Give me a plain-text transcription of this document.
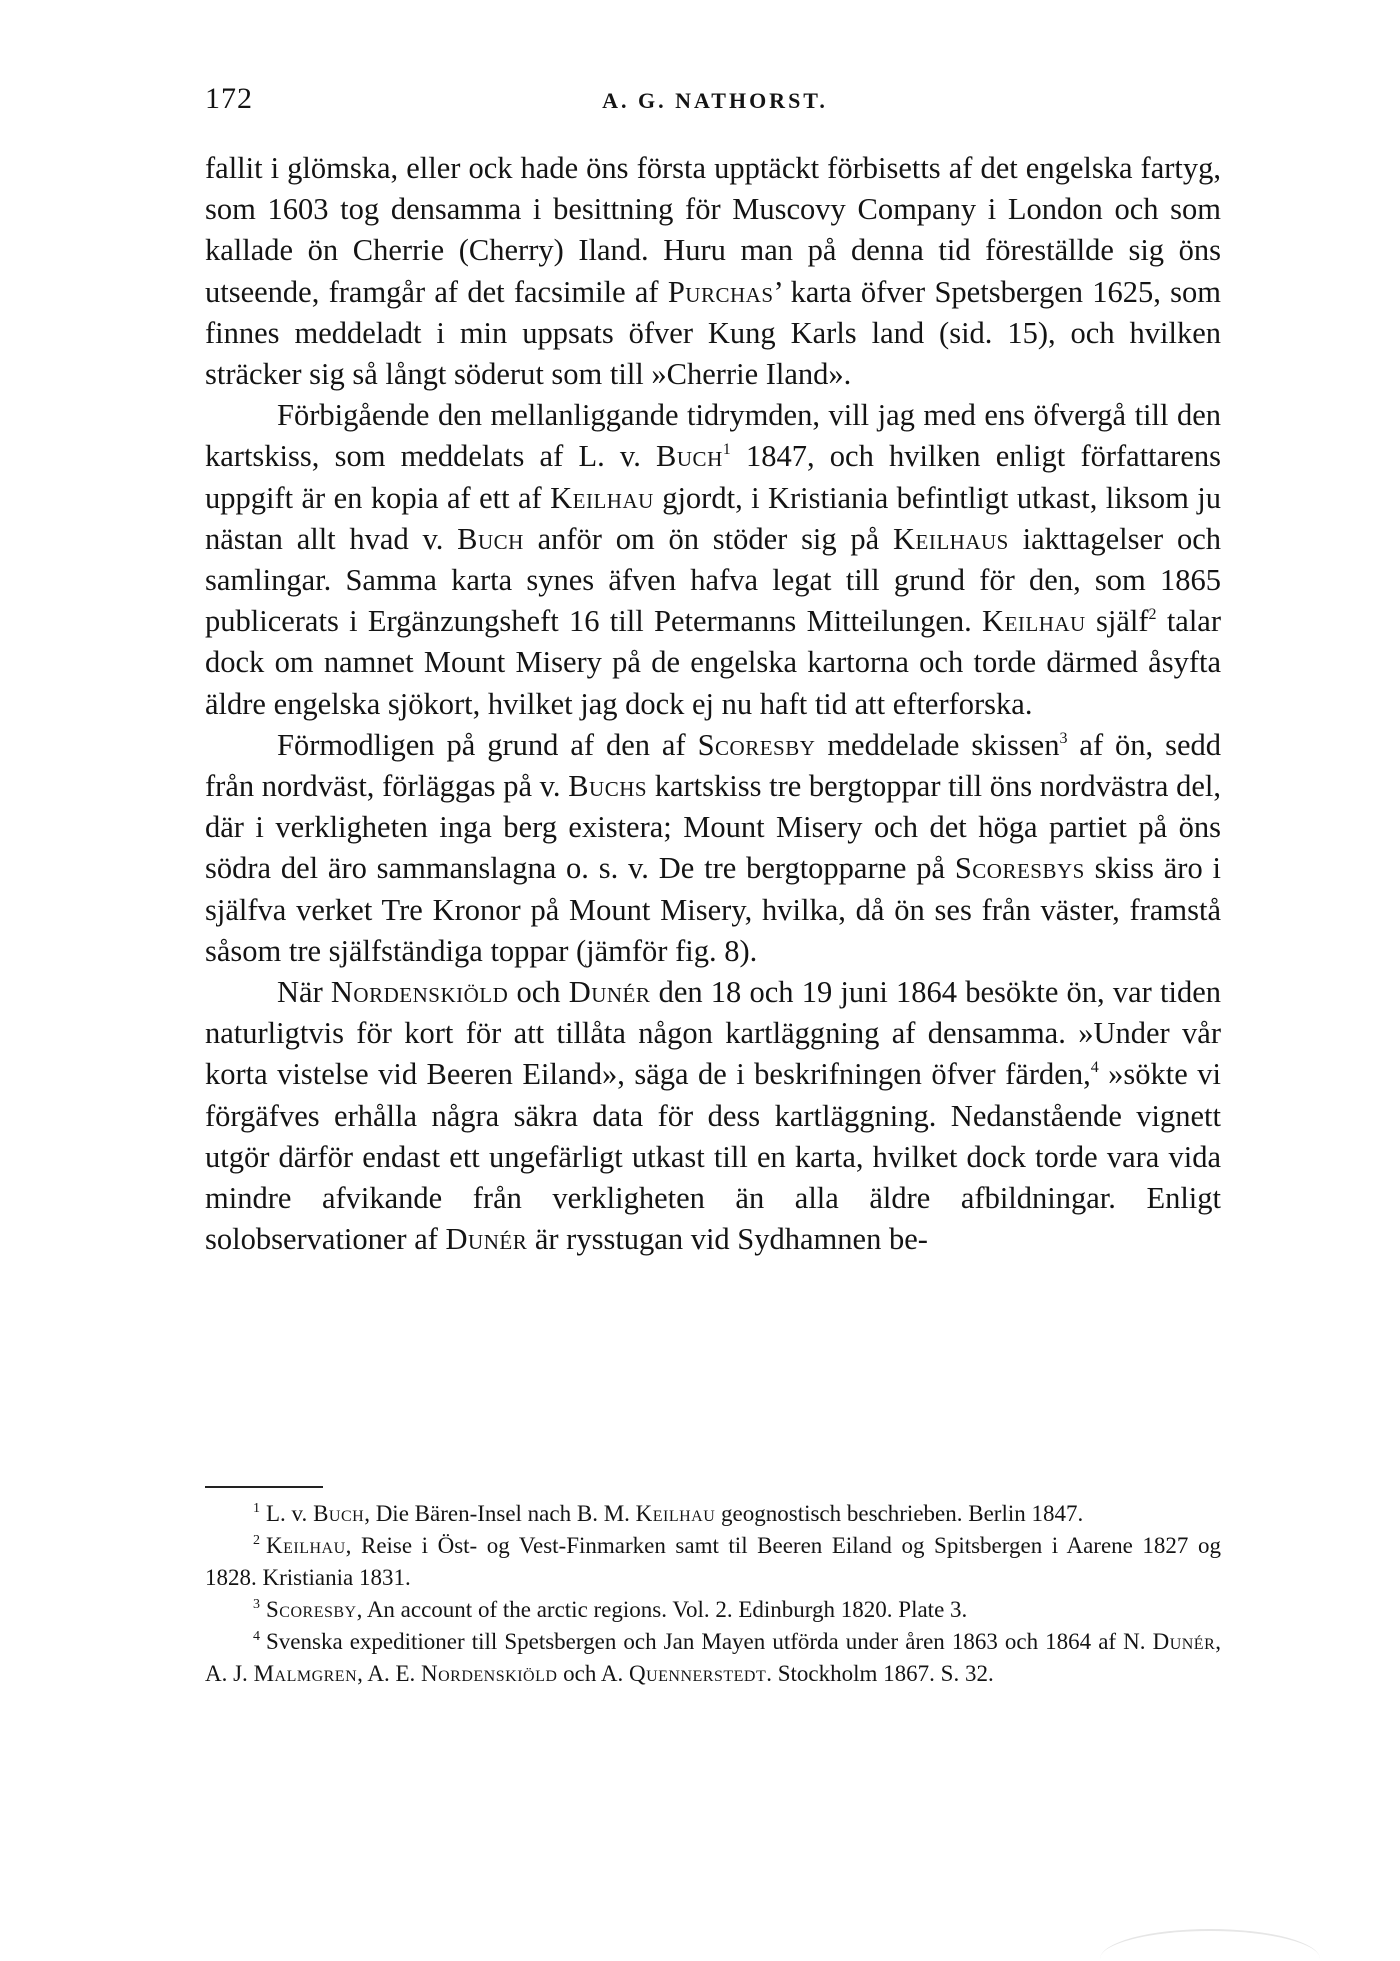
172	A. G. NATHORST.

fallit i glömska, eller ock hade öns första upptäckt förbisetts af det engelska fartyg, som 1603 tog densamma i besittning för Muscovy Company i London och som kallade ön Cherrie (Cherry) Iland. Huru man på denna tid föreställde sig öns utseende, framgår af det facsimile af Purchas’ karta öfver Spetsbergen 1625, som finnes meddeladt i min uppsats öfver Kung Karls land (sid. 15), och hvilken sträcker sig så långt söderut som till »Cherrie Iland».

Förbigående den mellanliggande tidrymden, vill jag med ens öfvergå till den kartskiss, som meddelats af L. v. Buch$^1$ 1847, och hvilken enligt författarens uppgift är en kopia af ett af Keilhau gjordt, i Kristiania befintligt utkast, liksom ju nästan allt hvad v. Buch anför om ön stöder sig på Keilhaus iakttagelser och samlingar. Samma karta synes äfven hafva legat till grund för den, som 1865 publicerats i Ergänzungsheft 16 till Petermanns Mitteilungen. Keilhau själf$^2$ talar dock om namnet Mount Misery på de engelska kartorna och torde därmed åsyfta äldre engelska sjökort, hvilket jag dock ej nu haft tid att efterforska.

Förmodligen på grund af den af Scoresby meddelade skissen$^3$ af ön, sedd från nordväst, förläggas på v. Buchs kartskiss tre bergtoppar till öns nordvästra del, där i verkligheten inga berg existera; Mount Misery och det höga partiet på öns södra del äro sammanslagna o. s. v. De tre bergtopparne på Scoresbys skiss äro i själfva verket Tre Kronor på Mount Misery, hvilka, då ön ses från väster, framstå såsom tre själfständiga toppar (jämför fig. 8).

När Nordenskiöld och Dunér den 18 och 19 juni 1864 besökte ön, var tiden naturligtvis för kort för att tillåta någon kartläggning af densamma. »Under vår korta vistelse vid Beeren Eiland», säga de i beskrifningen öfver färden,$^4$ »sökte vi förgäfves erhålla några säkra data för dess kartläggning. Nedanstående vignett utgör därför endast ett ungefärligt utkast till en karta, hvilket dock torde vara vida mindre afvikande från verkligheten än alla äldre afbildningar. Enligt solobservationer af Dunér är rysstugan vid Sydhamnen be-

$^1$ L. v. Buch, Die Bären-Insel nach B. M. Keilhau geognostisch beschrieben. Berlin 1847.

$^2$ Keilhau, Reise i Öst- og Vest-Finmarken samt til Beeren Eiland og Spitsbergen i Aarene 1827 og 1828. Kristiania 1831.

$^3$ Scoresby, An account of the arctic regions. Vol. 2. Edinburgh 1820. Plate 3.

$^4$ Svenska expeditioner till Spetsbergen och Jan Mayen utförda under åren 1863 och 1864 af N. Dunér, A. J. Malmgren, A. E. Nordenskiöld och A. Quennerstedt. Stockholm 1867. S. 32.
